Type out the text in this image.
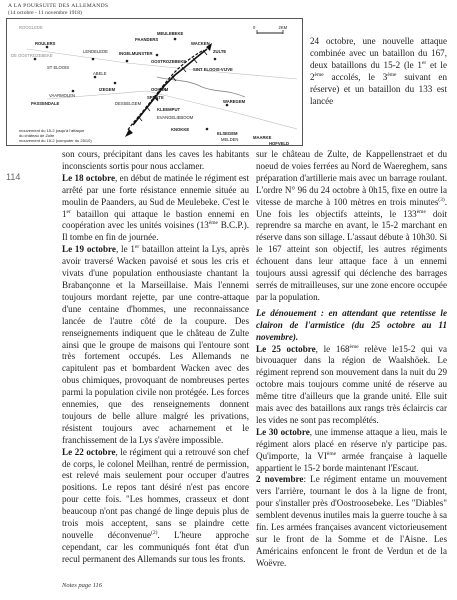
A LA POURSUITE DES ALLEMANDS
(14 octobre - 11 novembre 1918)
0	2KM
ROOGLEDE
ROULERS
DE OOSTROZEBEKE
LENDELEDE
ST ELOOIS
MEULEBEKE
PAANDERS
INGELMUNSTER
WACKEN
ZULTE
OOSTROZEBEKE
ABELE
IZEGEM
SINT ELOOIS-VIJVE
VAARMOLEN
PASSENDALE
OOIGEM
SPRETE
WAREGEM
DESSELGEM
KLEEMPUT
EVANGELIEBOOM
KNOKKE
ELSEGEM
MELDEN	MAARKE
HOFVELD
mouvement du 15-2 jusqu'à l'attaque
du château de Zulte
mouvement du 15-2 (computer du 25/10)
24 octobre, une nouvelle attaque combinée avec un bataillon du 167, deux bataillons du 15-2 (le 1er et le 2ème accolés, le 3ème suivant en réserve) et un bataillon du 133 est lancée
114

son cours, précipitant dans les caves les habitants inconscients sortis pour nous acclamer.

Le 18 octobre, en début de matinée le régiment est arrêté par une forte résistance ennemie située au moulin de Paanders, au Sud de Meulebeke. C'est le 1er bataillon qui attaque le bastion ennemi en coopération avec les unités voisines (13ème B.C.P.). Il tombe en fin de journée.

Le 19 octobre, le 1er bataillon atteint la Lys, après avoir traversé Wacken pavoisé et sous les cris et vivats d'une population enthousiaste chantant la Brabançonne et la Marseillaise. Mais l'ennemi toujours mordant rejette, par une contre-attaque d'une centaine d'hommes, une reconnaissance lancée de l'autre côté de la coupure. Des renseignements indiquent que le château de Zulte ainsi que le groupe de maisons qui l'entoure sont très fortement occupés. Les Allemands ne capitulent pas et bombardent Wacken avec des obus chimiques, provoquant de nombreuses pertes parmi la population civile non protégée. Les forces ennemies, que des renseignements donnent toujours de belle allure malgré les privations, résistent toujours avec acharnement et le franchissement de la Lys s'avère impossible.

Le 22 octobre, le régiment qui a retrouvé son chef de corps, le colonel Meilhan, rentré de permission, est relevé mais seulement pour occuper d'autres positions. Le repos tant désiré n'est pas encore pour cette fois. "Les hommes, crasseux et dont beaucoup n'ont pas changé de linge depuis plus de trois mois acceptent, sans se plaindre cette nouvelle déconvenue$^{(2)}$. L'heure approche cependant, car les communiqués font état d'un recul permanent des Allemands sur tous les fronts.

sur le château de Zulte, de Kappellenstraet et du noeud de voies ferrées au Nord de Waereghem, sans préparation d'artillerie mais avec un barrage roulant. L'ordre N° 96 du 24 octobre à 0h15, fixe en outre la vitesse de marche à 100 mètres en trois minutes$^{(3)}$. Une fois les objectifs atteints, le 133ème doit reprendre sa marche en avant, le 15-2 marchant en réserve dans son sillage. L'assaut débute à 10h30. Si le 167 atteint son objectif, les autres régiments échouent dans leur attaque face à un ennemi toujours aussi agressif qui déclenche des barrages serrés de mitrailleuses, sur une zone encore occupée par la population.

Le dénouement : en attendant que retentisse le clairon de l'armistice (du 25 octobre au 11 novembre).

Le 25 octobre, le 168ème relève le15-2 qui va bivouaquer dans la région de Waalshöek. Le régiment reprend son mouvement dans la nuit du 29 octobre mais toujours comme unité de réserve au même titre d'ailleurs que la grande unité. Elle suit mais avec des bataillons aux rangs très éclaircis car les vides ne sont pas recomplétés.

Le 30 octobre, une immense attaque a lieu, mais le régiment alors placé en réserve n'y participe pas. Qu'importe, la VIème armée française à laquelle appartient le 15-2 borde maintenant l'Escaut.

2 novembre: Le régiment entame un mouvement vers l'arrière, tournant le dos à la ligne de front, pour s'installer près d'Oostroosebeke. Les "Diables" semblent devenus inutiles mais la guerre touche à sa fin. Les armées françaises avancent victorieusement sur le front de la Somme et de l'Aisne. Les Américains enfoncent le front de Verdun et de la Woëvre.

Notes page 116
